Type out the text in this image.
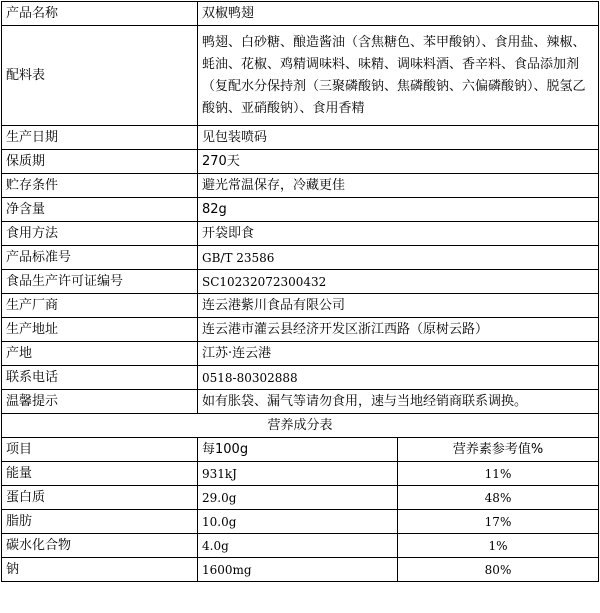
产品名称	双椒鸭翅	
配料表	鸭翅、白砂糖、酿造酱油（含焦糖色、苯甲酸钠）、食用盐、辣椒、蚝油、花椒、鸡精调味料、味精、调味料酒、香辛料、食品添加剂（复配水分保持剂（三聚磷酸钠、焦磷酸钠、六偏磷酸钠）、脱氢乙酸钠、亚硝酸钠）、食用香精	
生产日期	见包装喷码	
保质期	270天	
贮存条件	避光常温保存，冷藏更佳	
净含量	82g	
食用方法	开袋即食	
产品标准号	GB/T 23586	
食品生产许可证编号	SC10232072300432	
生产厂商	连云港紫川食品有限公司	
生产地址	连云港市灌云县经济开发区浙江西路（原树云路）	
产地	江苏·连云港	
联系电话	0518-80302888	
温馨提示	如有胀袋、漏气等请勿食用，速与当地经销商联系调换。	
营养成分表		
项目	每100g	营养素参考值%
能量	931kJ	11%
蛋白质	29.0g	48%
脂肪	10.0g	17%
碳水化合物	4.0g	1%
钠	1600mg	80%
